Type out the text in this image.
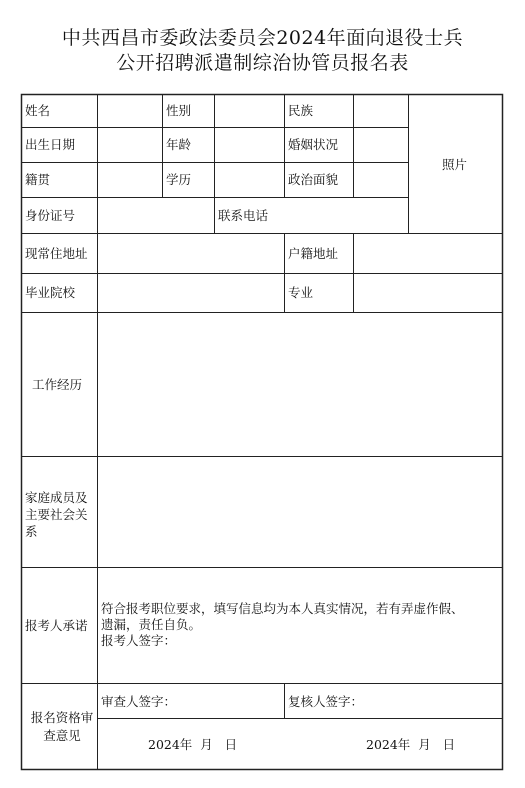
中共西昌市委政法委员会2024年面向退役士兵
公开招聘派遣制综治协管员报名表
姓名	性别	民族
出生日期	年龄	婚姻状况
照片
籍贯	学历	政治面貌
身份证号	联系电话
现常住地址	户籍地址
毕业院校	专业
工作经历
家庭成员及主要社会关系
报考人承诺
符合报考职位要求，填写信息均为本人真实情况，若有弄虚作假、
遗漏，责任自负。
报考人签字：
报名资格审查意见
审查人签字：	复核人签字：
2024年  月   日	2024年  月   日
